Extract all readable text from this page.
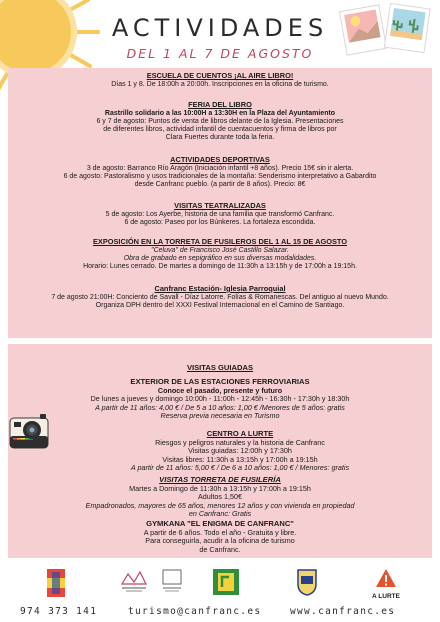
ACTIVIDADES
DEL 1 AL 7 DE AGOSTO
ESCUELA DE CUENTOS ¡AL AIRE LIBRO!
Días 1 y 8. De 18:00h a 20:00h. Inscripciones en la oficina de turismo.
FERIA DEL LIBRO
Rastrillo solidario a las 10:00H a 13:30H en la Plaza del Ayuntamiento
6 y 7 de agosto: Puntos de venta de libros delante de la Iglesia. Presentaciones
de diferentes libros, actividad infantil de cuentacuentos y firma de libros por
Clara Fuertes durante toda la feria.
ACTIVIDADES DEPORTIVAS
3 de agosto: Barranco Río Aragón (Iniciación infantil +8 años). Precio 15€ sin ir alerta.
6 de agosto: Pastoralismo y usos tradicionales de la montaña: Senderismo interpretativo a Gabardito
desde Canfranc pueblo. (a partir de 8 años). Precio: 8€
VISITAS TEATRALIZADAS
5 de agosto: Los Ayerbe, historia de una familia que transformó Canfranc.
6 de agosto: Paseo por los Búnkeres. La fortaleza escondida.
EXPOSICIÓN EN LA TORRETA DE FUSILEROS DEL 1 AL 15 DE AGOSTO
"Celuva" de Francisco José Castillo Salazar.
Obra de grabado en sepigráfico en sus diversas modalidades.
Horario: Lunes cerrado. De martes a domingo de 11:30h a 13:15h y de 17:00h a 19:15h.
Canfranc Estación- Iglesia Parroquial
7 de agosto 21:00H: Conciento de Savall - Díaz Latorre. Folías & Romanescas. Del antiguo al nuevo Mundo.
Organiza DPH dentro del XXXI Festival Internacional en el Camino de Santiago.
VISITAS GUIADAS
EXTERIOR DE LAS ESTACIONES FERROVIARIAS
Conoce el pasado, presente y futuro
De lunes a jueves y domingo 10:00h - 11:00h - 12:45h - 16:30h - 17:30h y 18:30h
A partir de 11 años: 4,00 € / De 5 a 10 años: 1,00 € /Menores de 5 años: gratis
Reserva previa necesaria en Turismo
CENTRO A LURTE
Riesgos y peligros naturales y la historia de Canfranc
Visitas guiadas: 12:00h y 17:30h
Visitas libres: 11:30h a 13:15h y 17:00h a 19:15h
A partir de 11 años: 5,00 € / De 6 a 10 años: 1,00 € / Menores: gratis
VISITAS TORRETA DE FUSILERÍA
Martes a Domingo de 11:30h a 13:15h y 17:00h a 19:15h
Adultos 1,50€
Empadronados, mayores de 65 años, menores 12 años y con vivienda en propiedad
en Canfranc: Gratis
GYMKANA "EL ENIGMA DE CANFRANC"
A partir de 6 años. Todo el año - Gratuita y libre.
Para conseguirla, acudir a la oficina de turismo
de Canfranc.
A LURTE
974 373 141	turismo@canfranc.es	www.canfranc.es
